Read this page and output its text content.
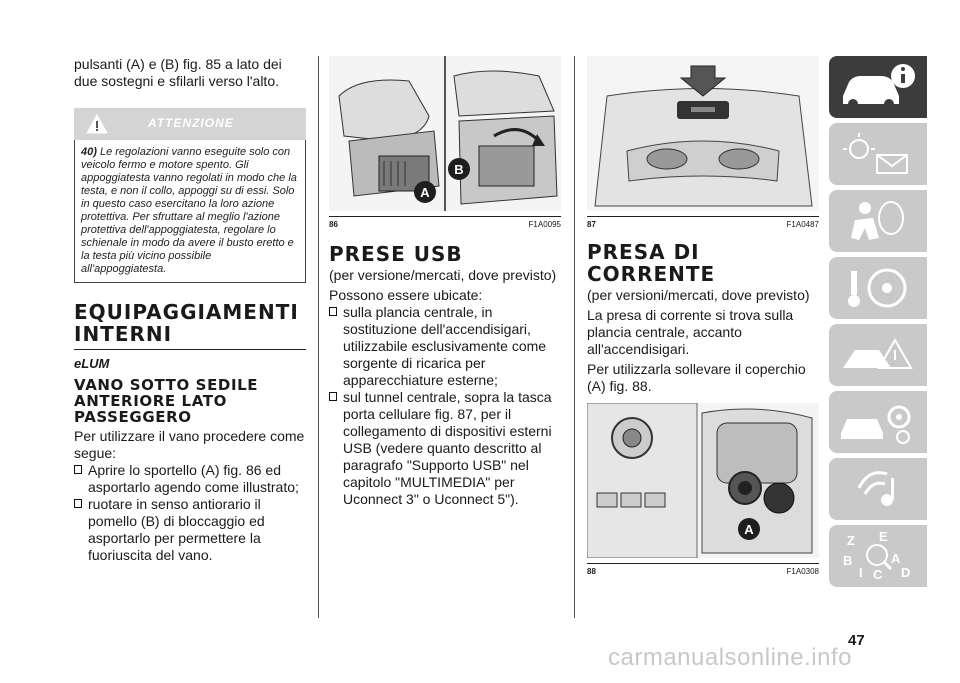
pulsanti (A) e (B) fig. 85 a lato dei due sostegni e sfilarli verso l'alto.

ATTENZIONE
40) Le regolazioni vanno eseguite solo con veicolo fermo e motore spento. Gli appoggiatesta vanno regolati in modo che la testa, e non il collo, appoggi su di essi. Solo in questo caso esercitano la loro azione protettiva. Per sfruttare al meglio l'azione protettiva dell'appoggiatesta, regolare lo schienale in modo da avere il busto eretto e la testa più vicino possibile all'appoggiatesta.
EQUIPAGGIAMENTI INTERNI
eLUM
VANO SOTTO SEDILE ANTERIORE LATO PASSEGGERO

Per utilizzare il vano procedere come segue:

Aprire lo sportello (A) fig. 86 ed asportarlo agendo come illustrato;
ruotare in senso antiorario il pomello (B) di bloccaggio ed asportarlo per permettere la fuoriuscita del vano.
A
B
86	F1A0095
PRESE USB

(per versione/mercati, dove previsto)

Possono essere ubicate:

sulla plancia centrale, in sostituzione dell'accendisigari, utilizzabile esclusivamente come sorgente di ricarica per apparecchiature esterne;
sul tunnel centrale, sopra la tasca porta cellulare fig. 87, per il collegamento di dispositivi esterni USB (vedere quanto descritto al paragrafo "Supporto USB" nel capitolo "MULTIMEDIA" per Uconnect 3" o Uconnect 5").
87	F1A0487
PRESA DI CORRENTE

(per versioni/mercati, dove previsto)

La presa di corrente si trova sulla plancia centrale, accanto all'accendisigari.

Per utilizzarla sollevare il coperchio (A) fig. 88.

A
88	F1A0308
Z E
B	A
I C D
47
carmanualsonline.info
